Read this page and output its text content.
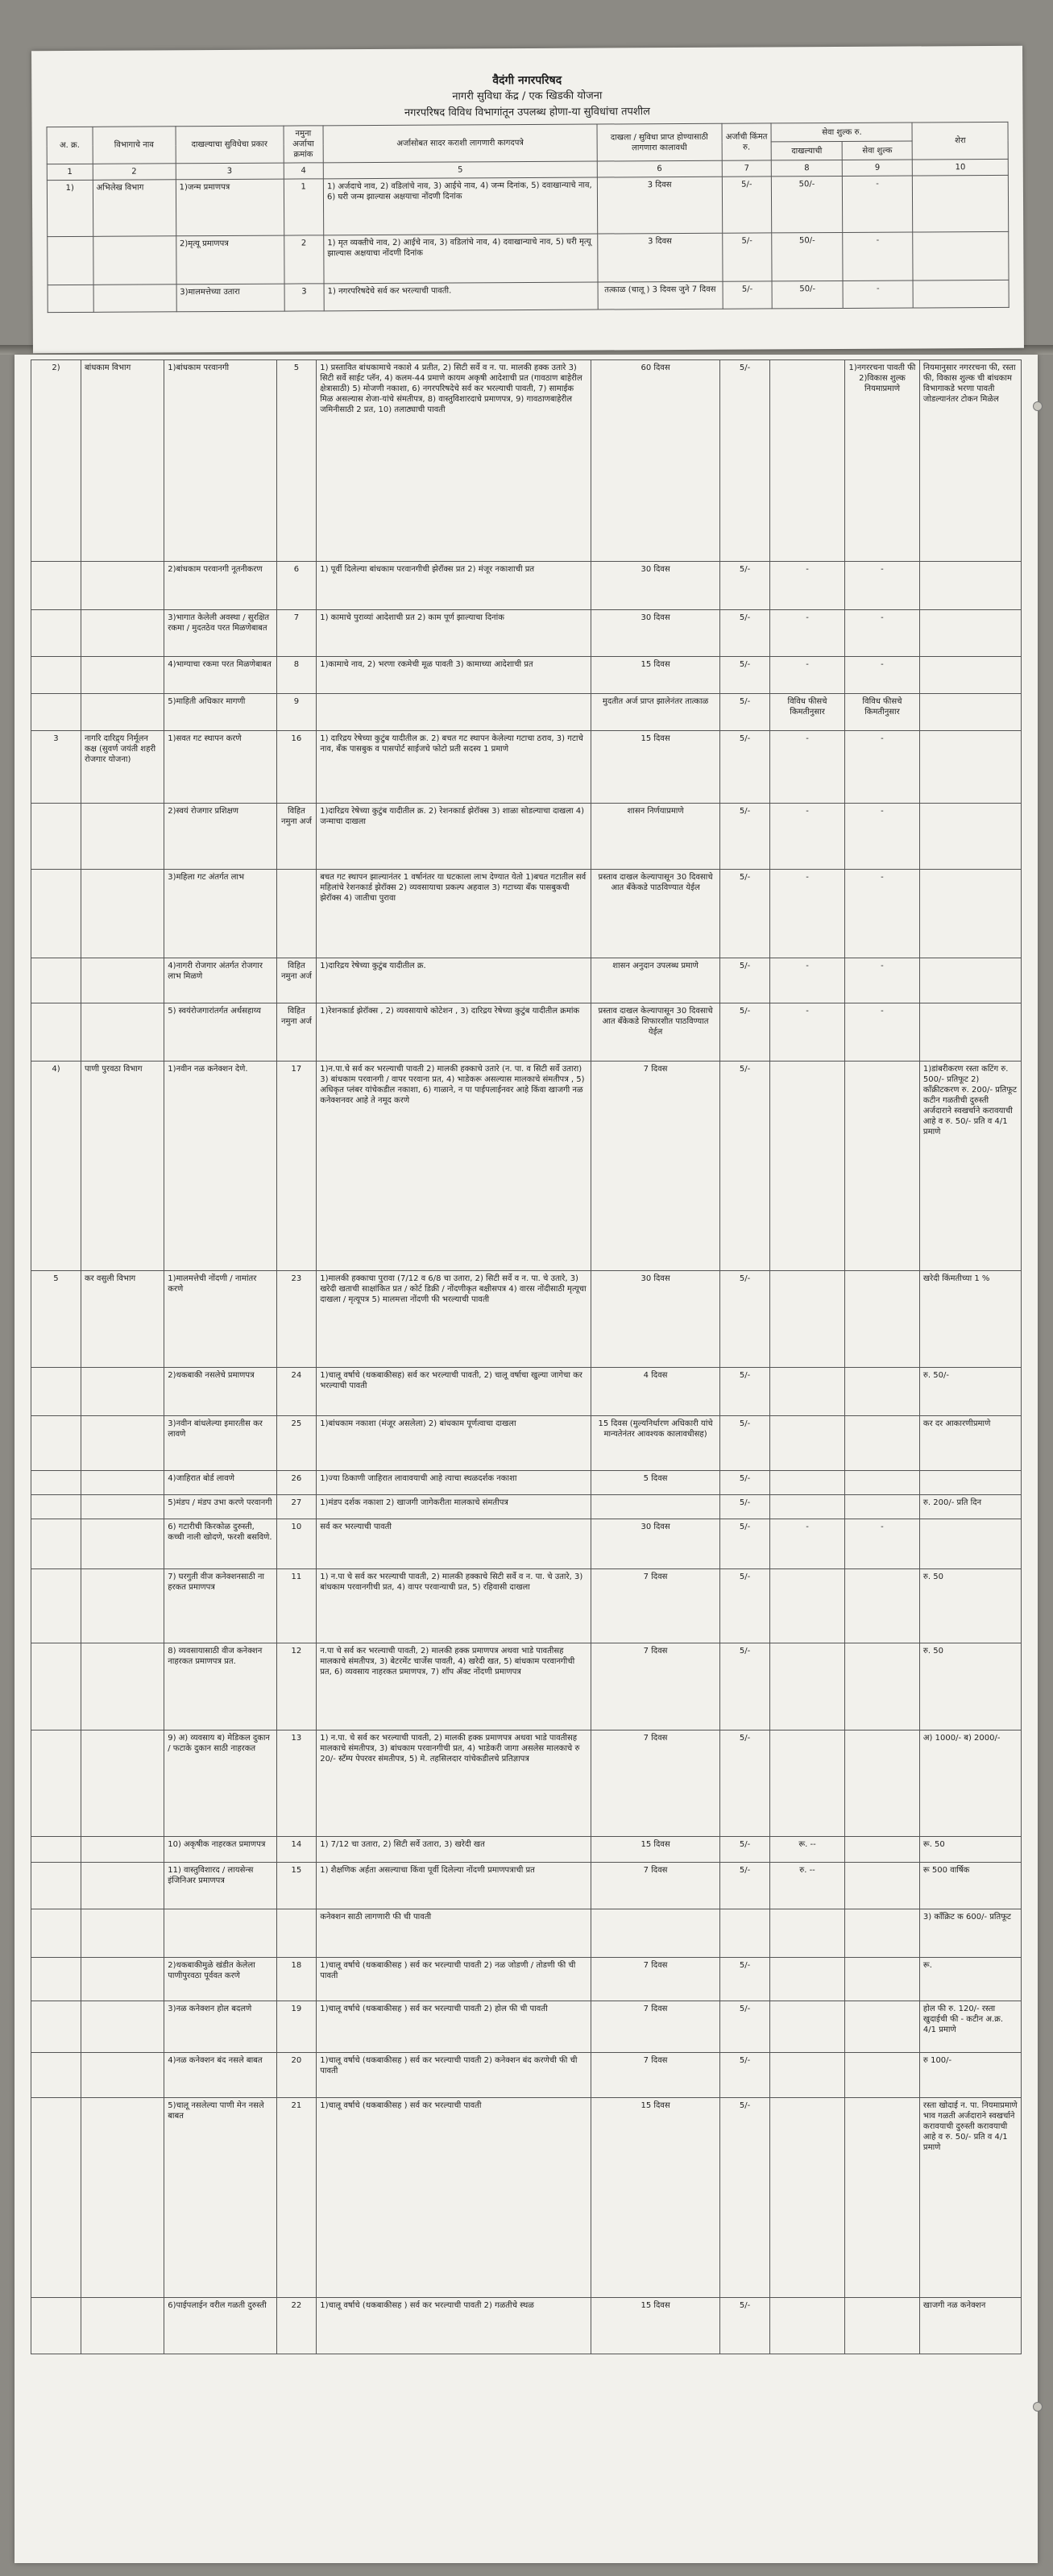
वैदंगी नगरपरिषद
नागरी सुविधा केंद्र / एक खिडकी योजना
नगरपरिषद विविध विभागांतून उपलब्ध होणा-या सुविधांचा तपशील
अ. क्र.	विभागाचे नाव	दाखल्याचा सुविधेचा प्रकार	नमुना अर्जाचा क्रमांक	अर्जासोबत सादर कराशी लागणारी कागदपत्रे	दाखला / सुविधा प्राप्त होण्यासाठी लागणारा कालावधी	अर्जाची किंमत रु.	सेवा शुल्क रु.		शेरा
							दाखल्याची	सेवा शुल्क	
1	2	3	4	5	6	7	8	9	10
1)	अभिलेख विभाग	1)जन्म प्रमाणपत्र	1	1) अर्जदाचे नाव, 2) वडिलांचे नाव, 3) आईचे नाव, 4) जन्म दिनांक, 5) दवाखान्याचे नाव, 6) घरी जन्म झाल्यास अक्षयाचा नोंदणी दिनांक	3 दिवस	5/-	50/-	-	
		2)मृत्यू प्रमाणपत्र	2	1) मृत व्यक्तीचे नाव, 2) आईचे नाव, 3) वडिलांचे नाव, 4) दवाखान्याचे नाव, 5) घरी मृत्यू झाल्यास अक्षयाचा नोंदणी दिनांक	3 दिवस	5/-	50/-	-	
		3)मालमत्तेच्या उतारा	3	1) नगरपरिषदेचे सर्व कर भरल्याची पावती.	तत्काळ (चालू ) 3 दिवस जुने 7 दिवस	5/-	50/-	-	
2)	बांधकाम विभाग	1)बांधकाम परवानगी	5	1) प्रस्तावित बांधकामाचे नकाशे 4 प्रतीत, 2) सिटी सर्वे व न. पा. मालकी हक्क उतारे 3) सिटी सर्वे साईट प्लॅन, 4) कलम-44 प्रमाणे कायम अकृषी आदेशाची प्रत (गावठाण बाहेरील क्षेत्रासाठी) 5) मोजणी नकाशा, 6) नगरपरिषदेचे सर्व कर भरल्याची पावती, 7) सामाईक मिळ असल्यास शेजा-यांचे संमतीपत्र, 8) वास्तुविशारदाचे प्रमाणपत्र, 9) गावठाणबाहेरील जमिनीसाठी 2 प्रत, 10) तलाठ्याची पावती	60 दिवस	5/-		1)नगररचना पावती फी 2)विकास शुल्क नियमाप्रमाणे	नियमानुसार नगररचना फी, रस्ता फी, विकास शुल्क ची बांधकाम विभागाकडे भरणा पावती जोडल्यानंतर टोकन मिळेल
		2)बांधकाम परवानगी नूतनीकरण	6	1) पूर्वी दिलेल्या बांधकाम परवानगीची झेरॉक्स प्रत 2) मंजूर नकाशाची प्रत	30 दिवस	5/-	-	-	
		3)भागात केलेली अवस्था / सुरक्षित रकमा / मुदतठेव परत मिळणेबाबत	7	1) कामाचे पुराव्यां आदेशाची प्रत 2) काम पूर्ण झाल्याचा दिनांक	30 दिवस	5/-	-	-	
		4)भाग्याचा रकमा परत मिळणेबाबत	8	1)कामाचे नाव, 2) भरणा रकमेची मूळ पावती 3) कामाच्या आदेशाची प्रत	15 दिवस	5/-	-	-	
		5)माहिती अधिकार मागणी	9		मुदतीत अर्ज प्राप्त झालेनंतर तात्काळ	5/-	विविध फीसचे किमतीनुसार	विविध फीसचे किमतीनुसार	
3	नागरि दारिद्र्य निर्मूलन कक्ष (सुवर्ण जयंती शहरी रोजगार योजना)	1)सवत गट स्थापन करणे	16	1) दारिद्रय रेषेच्या कुटुंब यादीतील क्र. 2) बचत गट स्थापन केलेल्या गटाचा ठराव, 3) गटाचे नाव, बँक पासबुक व पासपोर्ट साईजचे फोटो प्रती सदस्य 1 प्रमाणे	15 दिवस	5/-	-	-	
		2)स्वयं रोजगार प्रशिक्षण	विहित नमुना अर्ज	1)दारिद्रय रेषेच्या कुटुंब यादीतील क्र. 2) रेशनकार्ड झेरॉक्स 3) शाळा सोडल्याचा दाखला 4) जन्माचा दाखला	शासन निर्णयाप्रमाणे	5/-	-	-	
		3)महिला गट अंतर्गत लाभ		बचत गट स्थापन झाल्यानंतर 1 वर्षानंतर या घटकाला लाभ देण्यात येतो 1)बचत गटातील सर्व महिलांचे रेशनकार्ड झेरॉक्स 2) व्यवसायाचा प्रकल्प अहवाल 3) गटाच्या बँक पासबुकची झेरॉक्स 4) जातीचा पुरावा	प्रस्ताव दाखल केल्यापासून 30 दिवसाचे आत बँकेकडे पाठविण्यात येईल	5/-	-	-	
		4)नागरी रोजगार अंतर्गत रोजगार लाभ मिळणे	विहित नमुना अर्ज	1)दारिद्रय रेषेच्या कुटुंब यादीतील क्र.	शासन अनुदान उपलब्ध प्रमाणे	5/-	-	-	
		5) स्वयंरोजगारांतर्गत अर्थसहाय्य	विहित नमुना अर्ज	1)रेशनकार्ड झेरॉक्स , 2) व्यवसायाचे कोटेशन , 3) दारिद्रय रेषेच्या कुटुंब यादीतील क्रमांक	प्रस्ताव दाखल केल्यापासून 30 दिवसाचे आत बँकेकडे शिफारशीत पाठविण्यात येईल	5/-	-	-	
4)	पाणी पुरवठा विभाग	1)नवीन नळ कनेक्शन देणे.	17	1)न.पा.चे सर्व कर भरल्याची पावती 2) मालकी हक्काचे उतारे (न. पा. व सिटी सर्वे उतारा) 3) बांधकाम परवानगी / वापर परवाना प्रत, 4) भाडेकरू असल्यास मालकाचे संमतीपत्र , 5) अधिकृत प्लंबर यांचेकडील नकाशा, 6) गाळाने, न पा पाईपलाईनवर आहे किंवा खाजगी नळ कनेक्शनवर आहे ते नमूद करणे	7 दिवस	5/-			1)डांबरीकरण रस्ता कटिंग रु. 500/- प्रतिफूट 2) काँक्रीटकरण रु. 200/- प्रतिफूट कटीन गळतीची दुरुस्ती अर्जदाराने स्वखर्चाने करावयाची आहे व रु. 50/- प्रति व 4/1 प्रमाणे
5	कर वसुली विभाग	1)मालमत्तेची नोंदणी / नामांतर करणे	23	1)मालकी हक्काचा पुरावा (7/12 व 6/8 चा उतारा, 2) सिटी सर्वे व न. पा. चे उतारे, 3) खरेदी खताची साक्षांकित प्रत / कोर्ट डिक्री / नोंदणीकृत बक्षीसपत्र 4) वारस नोंदीसाठी मृत्यूचा दाखला / मृत्यूपत्र 5) मालमत्ता नोंदणी फी भरल्याची पावती	30 दिवस	5/-			खरेदी किंमतीच्या 1 %
		2)थकबाकी नसलेचे प्रमाणपत्र	24	1)चालू वर्षाचे (थकबाकीसह) सर्व कर भरल्याची पावती, 2) चालू वर्षाचा खुल्या जागेचा कर भरल्याची पावती	4 दिवस	5/-			रु. 50/-
		3)नवीन बांधलेल्या इमारतीस कर लावणे	25	1)बांधकाम नकाशा (मंजूर असलेला) 2) बांधकाम पूर्णत्वाचा दाखला	15 दिवस (मुल्यनिर्धारण अधिकारी यांचे मान्यतेनंतर आवश्यक कालावधीसह)	5/-			कर दर आकारणीप्रमाणे
		4)जाहिरात बोर्ड लावणे	26	1)ज्या ठिकाणी जाहिरात लावावयाची आहे त्याचा स्थळदर्शक नकाशा	5 दिवस	5/-			
		5)मंडप / मंडप उभा करणे परवानगी	27	1)मंडप दर्शक नकाशा 2) खाजगी जागेकरीता मालकाचे संमतीपत्र		5/-			रु. 200/- प्रति दिन
		6) गटारीची किरकोळ दुरुस्ती, कच्ची नाली खोदणे, फरशी बसविणे.	10	सर्व कर भरल्याची पावती	30 दिवस	5/-	-	-	
		7) घरगुती वीज कनेक्शनसाठी ना हरकत प्रमाणपत्र	11	1) न.पा चे सर्व कर भरल्याची पावती, 2) मालकी हक्काचे सिटी सर्वे व न. पा. चे उतारे, 3) बांधकाम परवानगीची प्रत, 4) वापर परवान्याची प्रत, 5) रहिवासी दाखला	7 दिवस	5/-			रु. 50
		8) व्यवसायासाठी वीज कनेक्शन नाहरकत प्रमाणपत्र प्रत.	12	न.पा चे सर्व कर भरल्याची पावती, 2) मालकी हक्क प्रमाणपत्र अथवा भाडे पावतीसह मालकाचे संमतीपत्र, 3) बेटरमेंट चार्जेस पावती, 4) खरेदी खत, 5) बांधकाम परवानगीची प्रत, 6) व्यवसाय नाहरकत प्रमाणपत्र, 7) शॉप ॲक्ट नोंदणी प्रमाणपत्र	7 दिवस	5/-			रु. 50
		9) अ) व्यवसाय ब) मेडिकल दुकान / फटाके दुकान साठी नाहरकत	13	1) न.पा. चे सर्व कर भरल्याची पावती, 2) मालकी हक्क प्रमाणपत्र अथवा भाडे पावतीसह मालकाचे संमतीपत्र, 3) बांधकाम परवानगीची प्रत, 4) भाडेकरी जागा असलेस मालकाचे रु 20/- स्टॅम्प पेपरवर संमतीपत्र, 5) मे. तहसिलदार यांचेकडीलचे प्रतिज्ञापत्र	7 दिवस	5/-			अ) 1000/- ब) 2000/-
		10) अकृषीक नाहरकत प्रमाणपत्र	14	1) 7/12 चा उतारा, 2) सिटी सर्वे उतारा, 3) खरेदी खत	15 दिवस	5/-	रू. --		रू. 50
		11) वास्तुविशारद / लायसेन्स इंजिनिअर प्रमाणपत्र	15	1) शैक्षणिक अर्हता असल्याचा किंवा पूर्वी दिलेल्या नोंदणी प्रमाणपत्राची प्रत	7 दिवस	5/-	रु. --		रू 500 वार्षिक
				कनेक्शन साठी लागणारी फी ची पावती					3) काँक्रिट क 600/- प्रतिफूट
		2)थकबाकीमुळे खंडीत केलेला पाणीपुरवठा पूर्ववत करणे	18	1)चालू वर्षाचे (थकबाकीसह ) सर्व कर भरल्याची पावती 2) नळ जोडणी / तोडणी फी ची पावती	7 दिवस	5/-			रू.
		3)नळ कनेक्शन होल बदलणे	19	1)चालू वर्षाचे (थकबाकीसह ) सर्व कर भरल्याची पावती 2) होल फी ची पावती	7 दिवस	5/-			होल फी रु. 120/- रस्ता खुदाईची फी - कटीन अ.क्र. 4/1 प्रमाणे
		4)नळ कनेक्शन बंद नसले बाबत	20	1)चालू वर्षाचे (थकबाकीसह ) सर्व कर भरल्याची पावती 2) कनेक्शन बंद करणेची फी ची पावती	7 दिवस	5/-			रु 100/-
		5)चालू नसलेल्या पाणी मेन नसले बाबत	21	1)चालू वर्षाचे (थकबाकीसह ) सर्व कर भरल्याची पावती	15 दिवस	5/-			रस्ता खोदाई न. पा. नियमाप्रमाणे भाव गळती अर्जदाराने स्वखर्चाने करावयाची दुरुस्ती करावयाची आहे व रु. 50/- प्रति व 4/1 प्रमाणे
		6)पाईपलाईन वरील गळती दुरुस्ती	22	1)चालू वर्षाचे (थकबाकीसह ) सर्व कर भरल्याची पावती 2) गळतीचे स्थळ	15 दिवस	5/-			खाजगी नळ कनेक्शन
